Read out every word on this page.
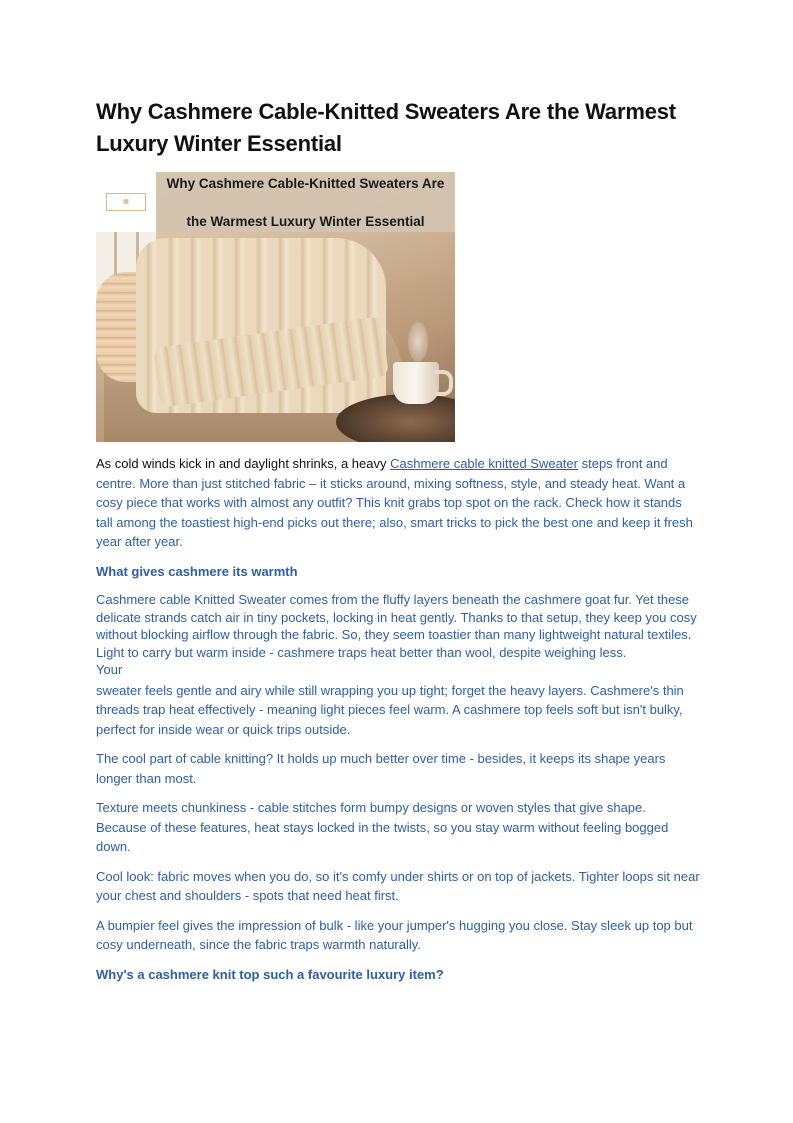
Why Cashmere Cable-Knitted Sweaters Are the Warmest
Luxury Winter Essential
▦
Why Cashmere Cable-Knitted Sweaters Are

the Warmest Luxury Winter Essential

As cold winds kick in and daylight shrinks, a heavy Cashmere cable knitted Sweater steps front and centre. More than just stitched fabric – it sticks around, mixing softness, style, and steady heat. Want a cosy piece that works with almost any outfit? This knit grabs top spot on the rack. Check how it stands tall among the toastiest high-end picks out there; also, smart tricks to pick the best one and keep it fresh year after year.

What gives cashmere its warmth

Cashmere cable Knitted Sweater comes from the fluffy layers beneath the cashmere goat fur. Yet these delicate strands catch air in tiny pockets, locking in heat gently. Thanks to that setup, they keep you cosy without blocking airflow through the fabric. So, they seem toastier than many lightweight natural textiles.

Light to carry but warm inside - cashmere traps heat better than wool, despite weighing less.

Your

sweater feels gentle and airy while still wrapping you up tight; forget the heavy layers. Cashmere's thin threads trap heat effectively - meaning light pieces feel warm. A cashmere top feels soft but isn't bulky, perfect for inside wear or quick trips outside.

The cool part of cable knitting? It holds up much better over time - besides, it keeps its shape years longer than most.

Texture meets chunkiness - cable stitches form bumpy designs or woven styles that give shape. Because of these features, heat stays locked in the twists, so you stay warm without feeling bogged down.

Cool look: fabric moves when you do, so it's comfy under shirts or on top of jackets. Tighter loops sit near your chest and shoulders - spots that need heat first.

A bumpier feel gives the impression of bulk - like your jumper's hugging you close. Stay sleek up top but cosy underneath, since the fabric traps warmth naturally.

Why's a cashmere knit top such a favourite luxury item?
